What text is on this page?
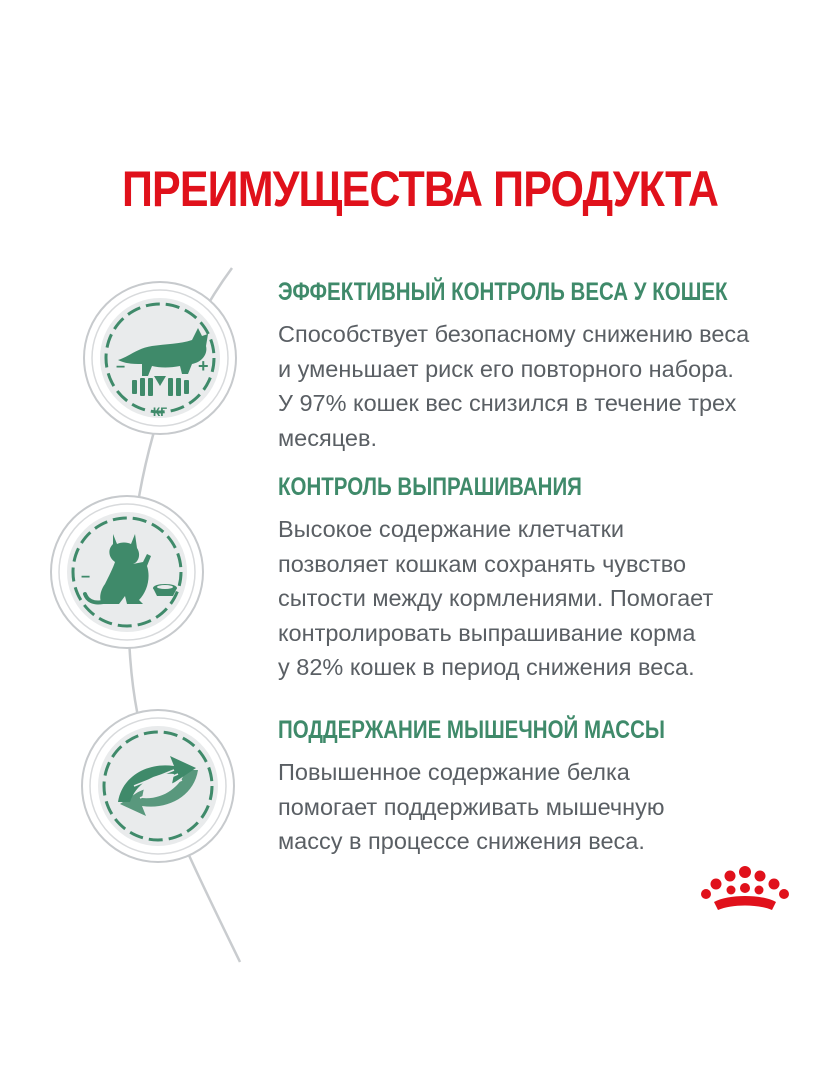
ПРЕИМУЩЕСТВА ПРОДУКТА
−	+
КГ
−
ЭФФЕКТИВНЫЙ КОНТРОЛЬ ВЕСА У КОШЕК
Способствует безопасному снижению веса
и уменьшает риск его повторного набора.
У 97% кошек вес снизился в течение трех
месяцев.
КОНТРОЛЬ ВЫПРАШИВАНИЯ
Высокое содержание клетчатки
позволяет кошкам сохранять чувство
сытости между кормлениями. Помогает
контролировать выпрашивание корма
у 82% кошек в период снижения веса.
ПОДДЕРЖАНИЕ МЫШЕЧНОЙ МАССЫ
Повышенное содержание белка
помогает поддерживать мышечную
массу в процессе снижения веса.
